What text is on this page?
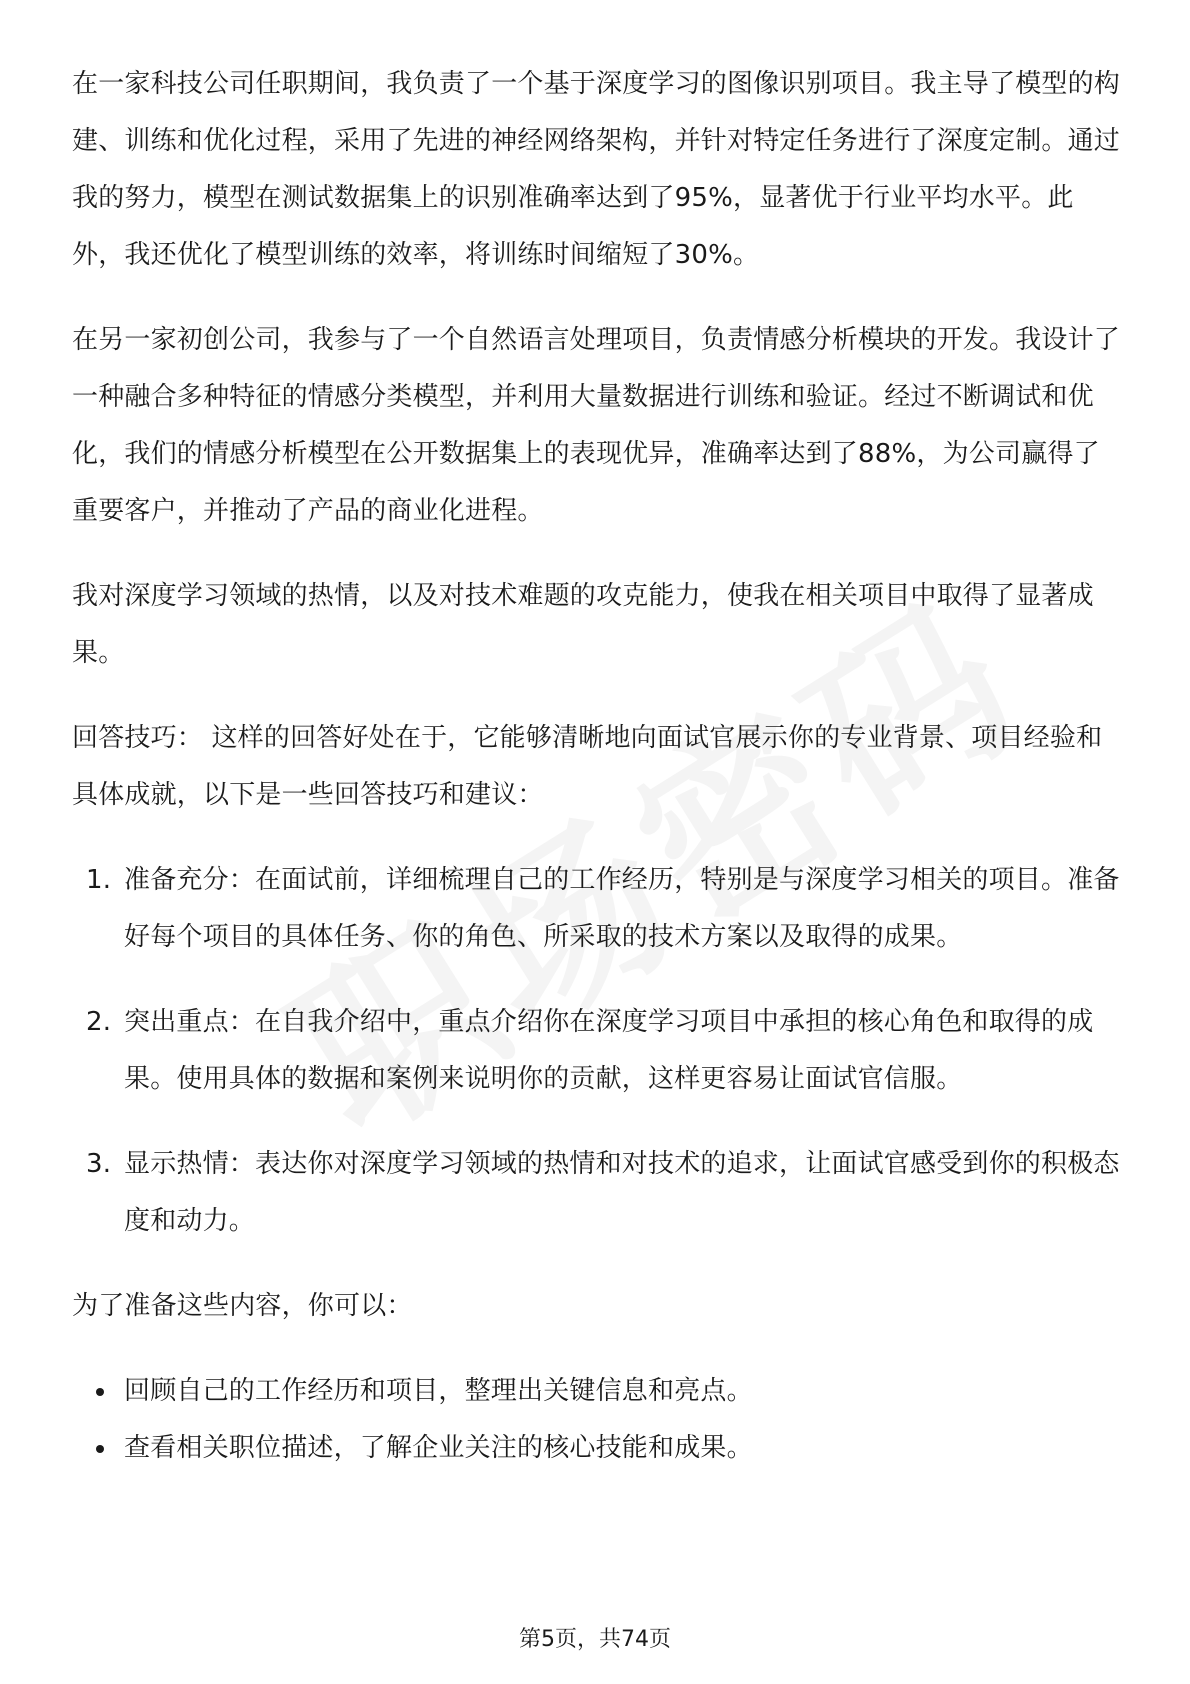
在一家科技公司任职期间，我负责了一个基于深度学习的图像识别项目。我主导了模型的构建、训练和优化过程，采用了先进的神经网络架构，并针对特定任务进行了深度定制。通过我的努力，模型在测试数据集上的识别准确率达到了95%，显著优于行业平均水平。此外，我还优化了模型训练的效率，将训练时间缩短了30%。

在另一家初创公司，我参与了一个自然语言处理项目，负责情感分析模块的开发。我设计了一种融合多种特征的情感分类模型，并利用大量数据进行训练和验证。经过不断调试和优化，我们的情感分析模型在公开数据集上的表现优异，准确率达到了88%，为公司赢得了重要客户，并推动了产品的商业化进程。

我对深度学习领域的热情，以及对技术难题的攻克能力，使我在相关项目中取得了显著成果。

回答技巧： 这样的回答好处在于，它能够清晰地向面试官展示你的专业背景、项目经验和具体成就，以下是一些回答技巧和建议：

1. 准备充分：在面试前，详细梳理自己的工作经历，特别是与深度学习相关的项目。准备好每个项目的具体任务、你的角色、所采取的技术方案以及取得的成果。
2. 突出重点：在自我介绍中，重点介绍你在深度学习项目中承担的核心角色和取得的成果。使用具体的数据和案例来说明你的贡献，这样更容易让面试官信服。
3. 显示热情：表达你对深度学习领域的热情和对技术的追求，让面试官感受到你的积极态度和动力。

为了准备这些内容，你可以：

回顾自己的工作经历和项目，整理出关键信息和亮点。
查看相关职位描述，了解企业关注的核心技能和成果。
第5页，共74页
